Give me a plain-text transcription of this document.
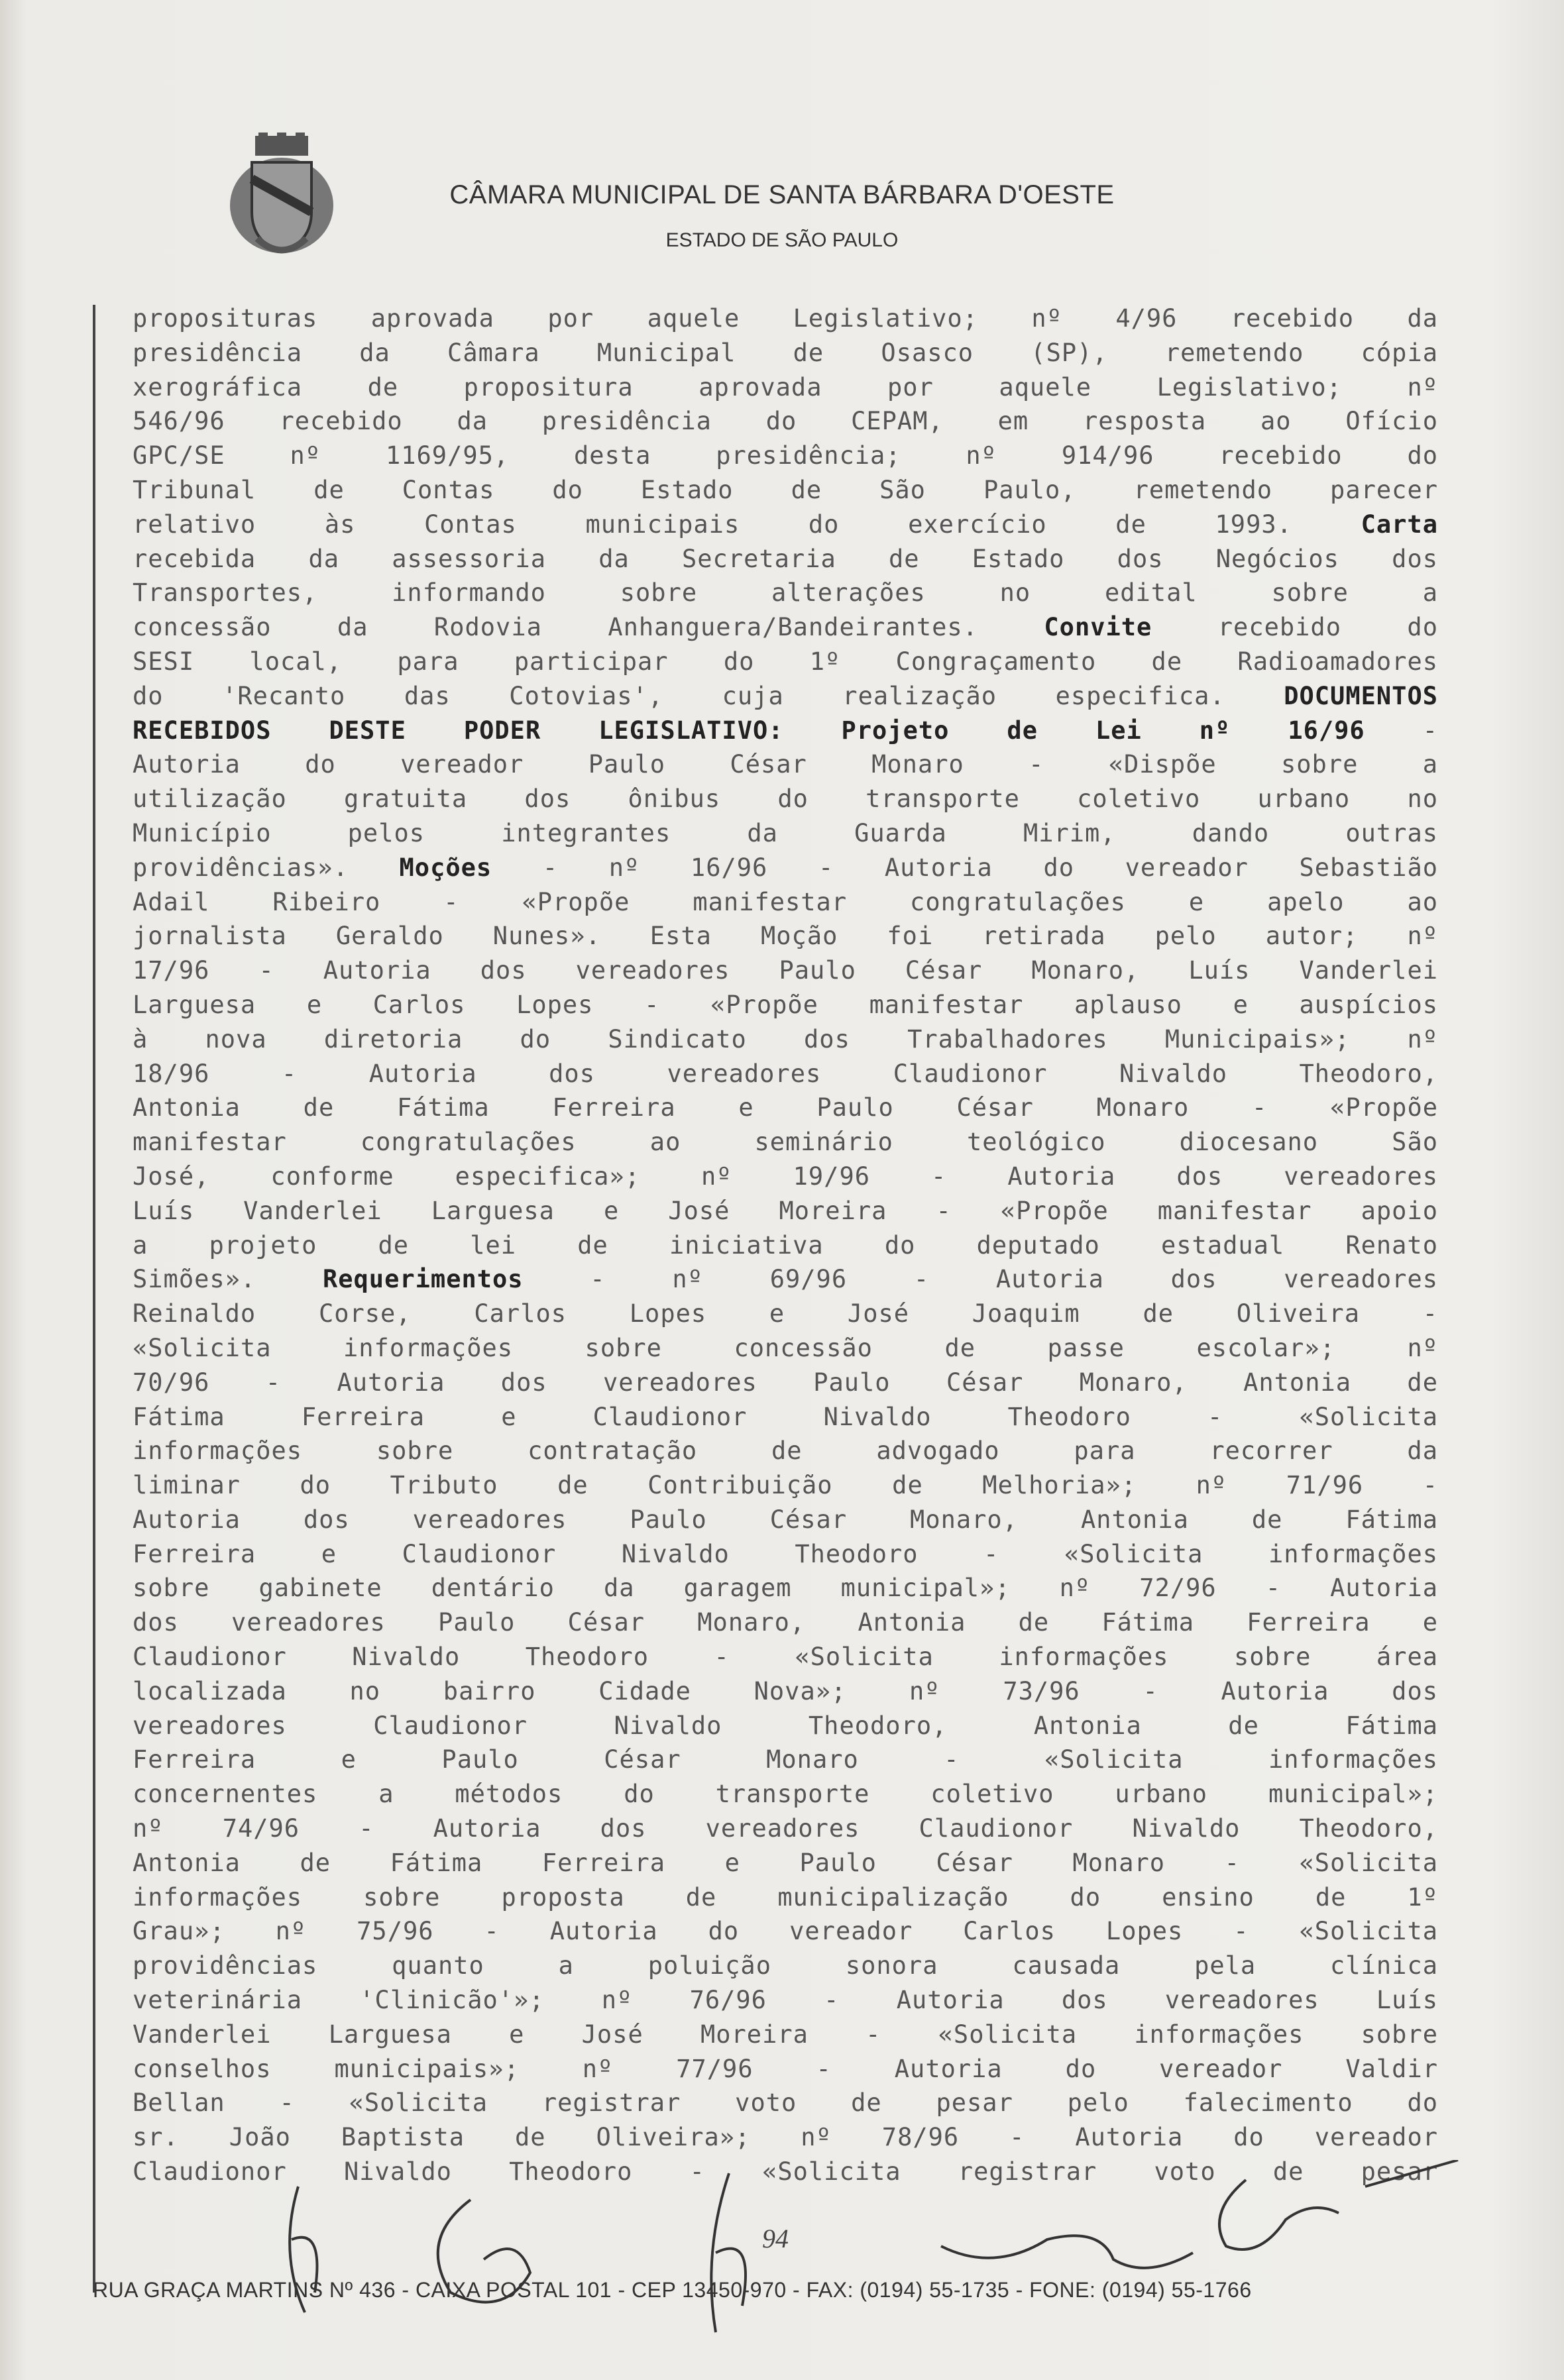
CÂMARA MUNICIPAL DE SANTA BÁRBARA D'OESTE
ESTADO DE SÃO PAULO
proposituras aprovada por aquele Legislativo; nº 4/96 recebido da
presidência da Câmara Municipal de Osasco (SP), remetendo cópia
xerográfica de propositura aprovada por aquele Legislativo; nº
546/96 recebido da presidência do CEPAM, em resposta ao Ofício
GPC/SE nº 1169/95, desta presidência; nº 914/96 recebido do
Tribunal de Contas do Estado de São Paulo, remetendo parecer
relativo às Contas municipais do exercício de 1993. Carta
recebida da assessoria da Secretaria de Estado dos Negócios dos
Transportes, informando sobre alterações no edital sobre a
concessão da Rodovia Anhanguera/Bandeirantes. Convite recebido do
SESI local, para participar do 1º Congraçamento de Radioamadores
do 'Recanto das Cotovias', cuja realização especifica. DOCUMENTOS
RECEBIDOS DESTE PODER LEGISLATIVO: Projeto de Lei nº 16/96 -
Autoria do vereador Paulo César Monaro - «Dispõe sobre a
utilização gratuita dos ônibus do transporte coletivo urbano no
Município pelos integrantes da Guarda Mirim, dando outras
providências». Moções - nº 16/96 - Autoria do vereador Sebastião
Adail Ribeiro - «Propõe manifestar congratulações e apelo ao
jornalista Geraldo Nunes». Esta Moção foi retirada pelo autor; nº
17/96 - Autoria dos vereadores Paulo César Monaro, Luís Vanderlei
Larguesa e Carlos Lopes - «Propõe manifestar aplauso e auspícios
à nova diretoria do Sindicato dos Trabalhadores Municipais»; nº
18/96 - Autoria dos vereadores Claudionor Nivaldo Theodoro,
Antonia de Fátima Ferreira e Paulo César Monaro - «Propõe
manifestar congratulações ao seminário teológico diocesano São
José, conforme especifica»; nº 19/96 - Autoria dos vereadores
Luís Vanderlei Larguesa e José Moreira - «Propõe manifestar apoio
a projeto de lei de iniciativa do deputado estadual Renato
Simões». Requerimentos - nº 69/96 - Autoria dos vereadores
Reinaldo Corse, Carlos Lopes e José Joaquim de Oliveira -
«Solicita informações sobre concessão de passe escolar»; nº
70/96 - Autoria dos vereadores Paulo César Monaro, Antonia de
Fátima Ferreira e Claudionor Nivaldo Theodoro - «Solicita
informações sobre contratação de advogado para recorrer da
liminar do Tributo de Contribuição de Melhoria»; nº 71/96 -
Autoria dos vereadores Paulo César Monaro, Antonia de Fátima
Ferreira e Claudionor Nivaldo Theodoro - «Solicita informações
sobre gabinete dentário da garagem municipal»; nº 72/96 - Autoria
dos vereadores Paulo César Monaro, Antonia de Fátima Ferreira e
Claudionor Nivaldo Theodoro - «Solicita informações sobre área
localizada no bairro Cidade Nova»; nº 73/96 - Autoria dos
vereadores Claudionor Nivaldo Theodoro, Antonia de Fátima
Ferreira e Paulo César Monaro - «Solicita informações
concernentes a métodos do transporte coletivo urbano municipal»;
nº 74/96 - Autoria dos vereadores Claudionor Nivaldo Theodoro,
Antonia de Fátima Ferreira e Paulo César Monaro - «Solicita
informações sobre proposta de municipalização do ensino de 1º
Grau»; nº 75/96 - Autoria do vereador Carlos Lopes - «Solicita
providências quanto a poluição sonora causada pela clínica
veterinária 'Clinicão'»; nº 76/96 - Autoria dos vereadores Luís
Vanderlei Larguesa e José Moreira - «Solicita informações sobre
conselhos municipais»; nº 77/96 - Autoria do vereador Valdir
Bellan - «Solicita registrar voto de pesar pelo falecimento do
sr. João Baptista de Oliveira»; nº 78/96 - Autoria do vereador
Claudionor Nivaldo Theodoro - «Solicita registrar voto de pesar
94
RUA GRAÇA MARTINS Nº 436 - CAIXA POSTAL 101 - CEP 13450-970 - FAX: (0194) 55-1735 - FONE: (0194) 55-1766
